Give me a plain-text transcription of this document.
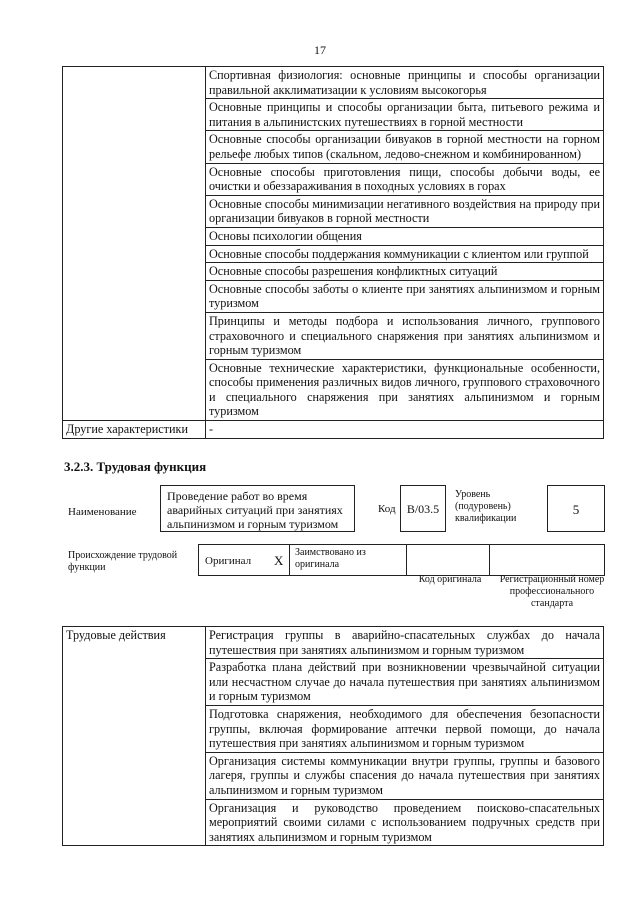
17
	Спортивная физиология: основные принципы и способы организации правильной акклиматизации к условиям высокогорья
	Основные принципы и способы организации быта, питьевого режима и питания в альпинистских путешествиях в горной местности
	Основные способы организации бивуаков в горной местности на горном рельефе любых типов (скальном, ледово-снежном и комбинированном)
	Основные способы приготовления пищи, способы добычи воды, ее очистки и обеззараживания в походных условиях в горах
	Основные способы минимизации негативного воздействия на природу при организации бивуаков в горной местности
	Основы психологии общения
	Основные способы поддержания коммуникации с клиентом или группой
	Основные способы разрешения конфликтных ситуаций
	Основные способы заботы о клиенте при занятиях альпинизмом и горным туризмом
	Принципы и методы подбора и использования личного, группового страховочного и специального снаряжения при занятиях альпинизмом и горным туризмом
	Основные технические характеристики, функциональные особенности, способы применения различных видов личного, группового страховочного и специального снаряжения при занятиях альпинизмом и горным туризмом
Другие характеристики	-
3.2.3. Трудовая функция
Наименование
Проведение работ во время аварийных ситуаций при занятиях альпинизмом и горным туризмом
Код В/03.5
Уровень (подуровень) квалификации
5
Происхождение трудовой функции
Оригинал X
Заимствовано из оригинала
Код оригинала	Регистрационный номер профессионального стандарта
Трудовые действия	Регистрация группы в аварийно-спасательных службах до начала путешествия при занятиях альпинизмом и горным туризмом
Разработка плана действий при возникновении чрезвычайной ситуации или несчастном случае до начала путешествия при занятиях альпинизмом и горным туризмом
Подготовка снаряжения, необходимого для обеспечения безопасности группы, включая формирование аптечки первой помощи, до начала путешествия при занятиях альпинизмом и горным туризмом
Организация системы коммуникации внутри группы, группы и базового лагеря, группы и службы спасения до начала путешествия при занятиях альпинизмом и горным туризмом
Организация и руководство проведением поисково-спасательных мероприятий своими силами с использованием подручных средств при занятиях альпинизмом и горным туризмом
